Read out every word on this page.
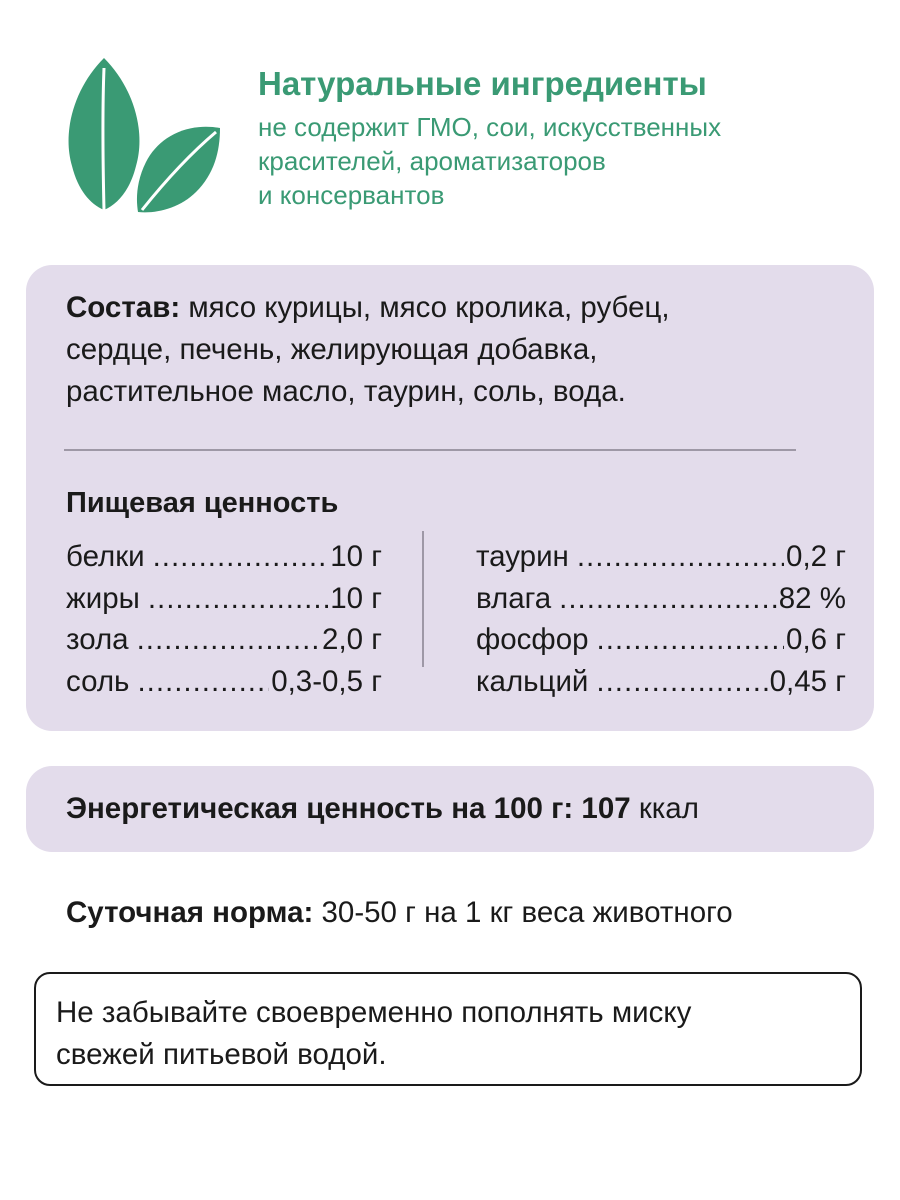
Натуральные ингредиенты
не содержит ГМО, сои, искусственных
красителей, ароматизаторов
и консервантов
Состав: мясо курицы, мясо кролика, рубец,
сердце, печень, желирующая добавка,
растительное масло, таурин, соль, вода.
Пищевая ценность
белки .....	10 г
жиры .....	10 г
зола .....	2,0 г
соль .....	0,3-0,5 г
таурин .....	0,2 г
влага .....	82 %
фосфор .....	0,6 г
кальций .....	0,45 г
Энергетическая ценность на 100 г: 107 ккал
Суточная норма: 30-50 г на 1 кг веса животного
Не забывайте своевременно пополнять миску
свежей питьевой водой.
